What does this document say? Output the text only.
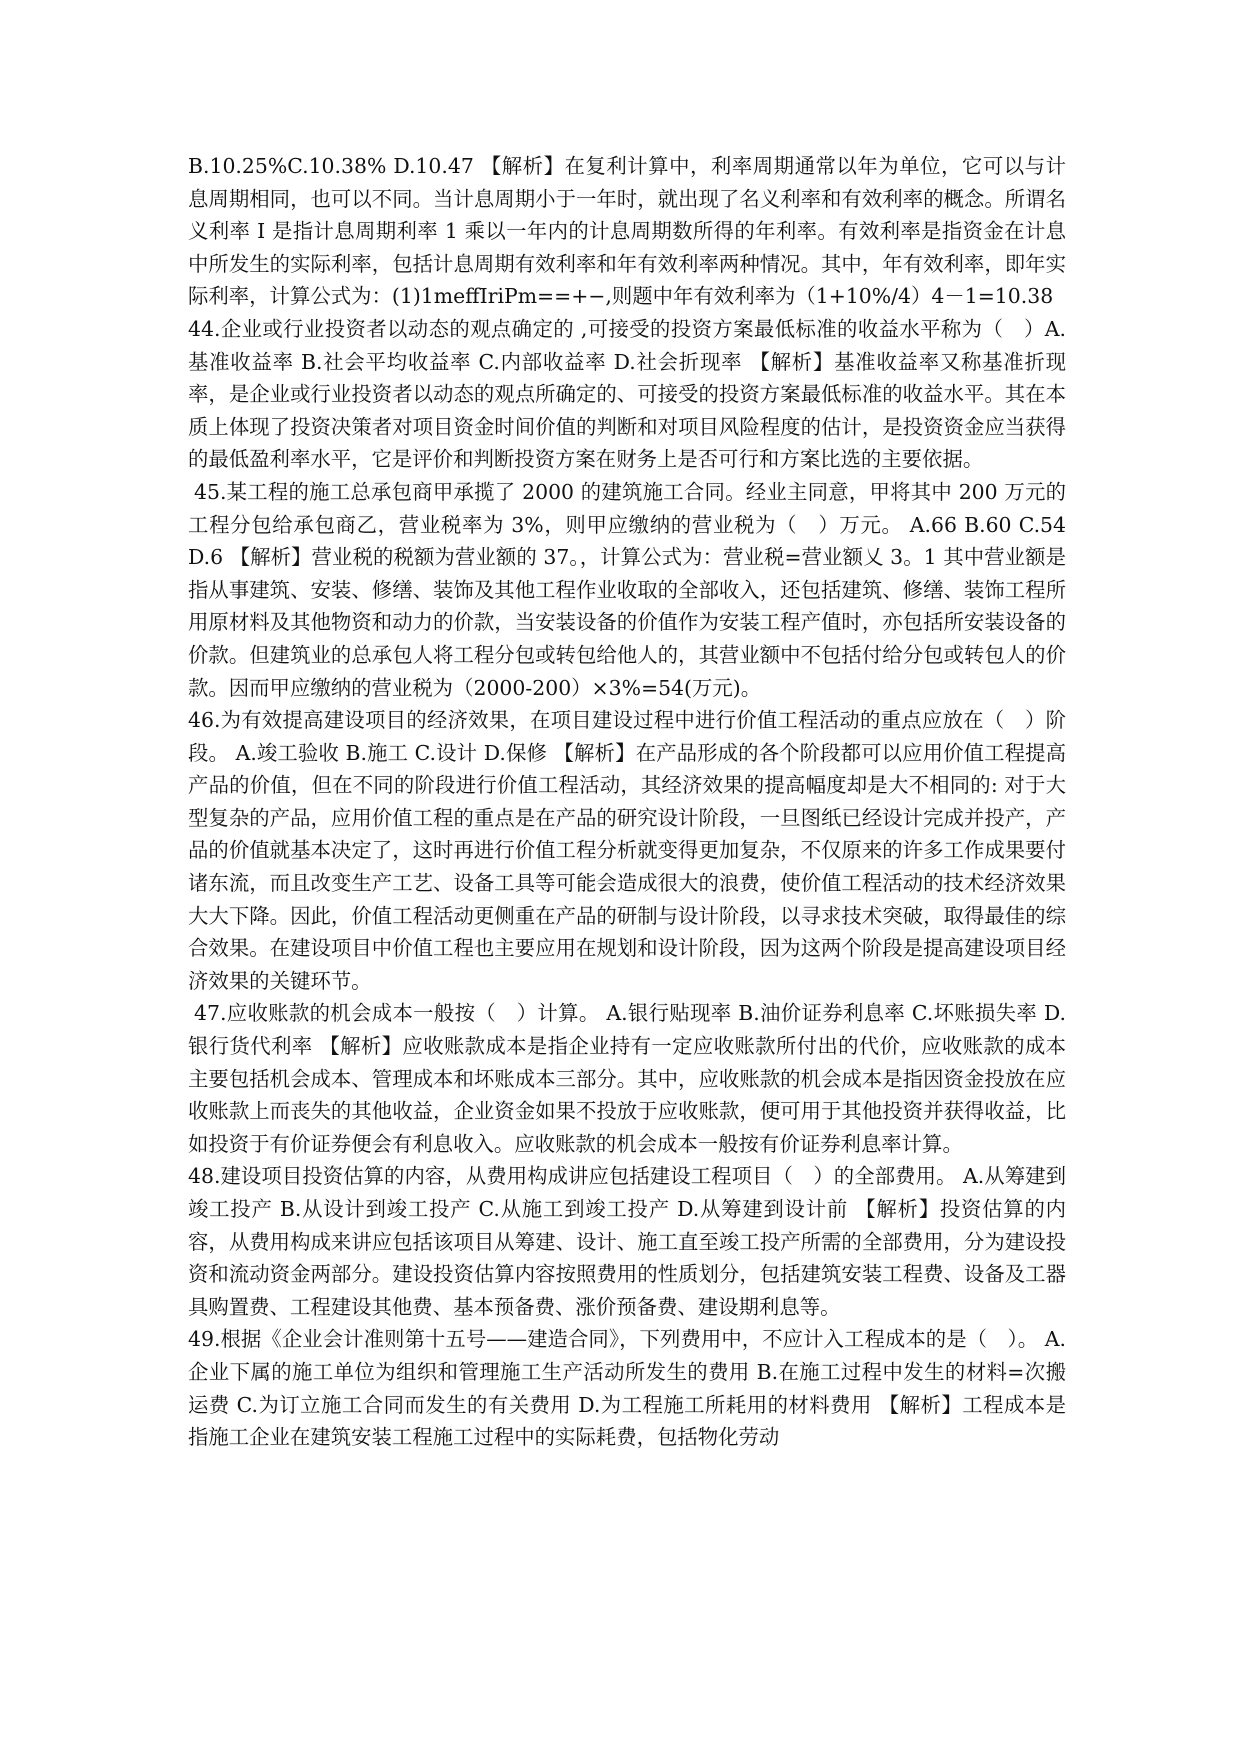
B.10.25%C.10.38% D.10.47 【解析】在复利计算中，利率周期通常以年为单位，它可以与计息周期相同，也可以不同。当计息周期小于一年时，就出现了名义利率和有效利率的概念。所谓名义利率 I 是指计息周期利率 1 乘以一年内的计息周期数所得的年利率。有效利率是指资金在计息中所发生的实际利率，包括计息周期有效利率和年有效利率两种情况。其中，年有效利率，即年实际利率，计算公式为：(1)1meffIriPm==+−,则题中年有效利率为（1+10%/4）4－1=10.38

44.企业或行业投资者以动态的观点确定的 ,可接受的投资方案最低标准的收益水平称为（　）A.基准收益率 B.社会平均收益率 C.内部收益率 D.社会折现率 【解析】基准收益率又称基准折现率，是企业或行业投资者以动态的观点所确定的、可接受的投资方案最低标准的收益水平。其在本质上体现了投资决策者对项目资金时间价值的判断和对项目风险程度的估计，是投资资金应当获得的最低盈利率水平，它是评价和判断投资方案在财务上是否可行和方案比选的主要依据。

45.某工程的施工总承包商甲承揽了 2000 的建筑施工合同。经业主同意，甲将其中 200 万元的工程分包给承包商乙，营业税率为 3%，则甲应缴纳的营业税为（　）万元。 A.66 B.60 C.54 D.6 【解析】营业税的税额为营业额的 37。，计算公式为：营业税=营业额乂 3。1 其中营业额是指从事建筑、安装、修缮、装饰及其他工程作业收取的全部收入，还包括建筑、修缮、装饰工程所用原材料及其他物资和动力的价款，当安装设备的价值作为安装工程产值时，亦包括所安装设备的价款。但建筑业的总承包人将工程分包或转包给他人的，其营业额中不包括付给分包或转包人的价款。因而甲应缴纳的营业税为（2000-200）×3%=54(万元)。

46.为有效提高建设项目的经济效果，在项目建设过程中进行价值工程活动的重点应放在（　）阶段。 A.竣工验收 B.施工 C.设计 D.保修 【解析】在产品形成的各个阶段都可以应用价值工程提高产品的价值，但在不同的阶段进行价值工程活动，其经济效果的提高幅度却是大不相同的: 对于大型复杂的产品，应用价值工程的重点是在产品的研究设计阶段，一旦图纸已经设计完成并投产，产品的价值就基本决定了，这时再进行价值工程分析就变得更加复杂，不仅原来的许多工作成果要付诸东流，而且改变生产工艺、设备工具等可能会造成很大的浪费，使价值工程活动的技术经济效果大大下降。因此，价值工程活动更侧重在产品的研制与设计阶段，以寻求技术突破，取得最佳的综合效果。在建设项目中价值工程也主要应用在规划和设计阶段，因为这两个阶段是提高建设项目经济效果的关键环节。

47.应收账款的机会成本一般按（　）计算。 A.银行贴现率 B.油价证券利息率 C.坏账损失率 D.银行货代利率 【解析】应收账款成本是指企业持有一定应收账款所付出的代价，应收账款的成本主要包括机会成本、管理成本和坏账成本三部分。其中，应收账款的机会成本是指因资金投放在应收账款上而丧失的其他收益，企业资金如果不投放于应收账款，便可用于其他投资并获得收益，比如投资于有价证券便会有利息收入。应收账款的机会成本一般按有价证券利息率计算。

48.建设项目投资估算的内容，从费用构成讲应包括建设工程项目（　）的全部费用。 A.从筹建到竣工投产 B.从设计到竣工投产 C.从施工到竣工投产 D.从筹建到设计前 【解析】投资估算的内容，从费用构成来讲应包括该项目从筹建、设计、施工直至竣工投产所需的全部费用，分为建设投资和流动资金两部分。建设投资估算内容按照费用的性质划分，包括建筑安装工程费、设备及工器具购置费、工程建设其他费、基本预备费、涨价预备费、建设期利息等。

49.根据《企业会计准则第十五号——建造合同》，下列费用中，不应计入工程成本的是（　）。 A.企业下属的施工单位为组织和管理施工生产活动所发生的费用 B.在施工过程中发生的材料=次搬运费 C.为订立施工合同而发生的有关费用 D.为工程施工所耗用的材料费用 【解析】工程成本是指施工企业在建筑安装工程施工过程中的实际耗费，包括物化劳动
